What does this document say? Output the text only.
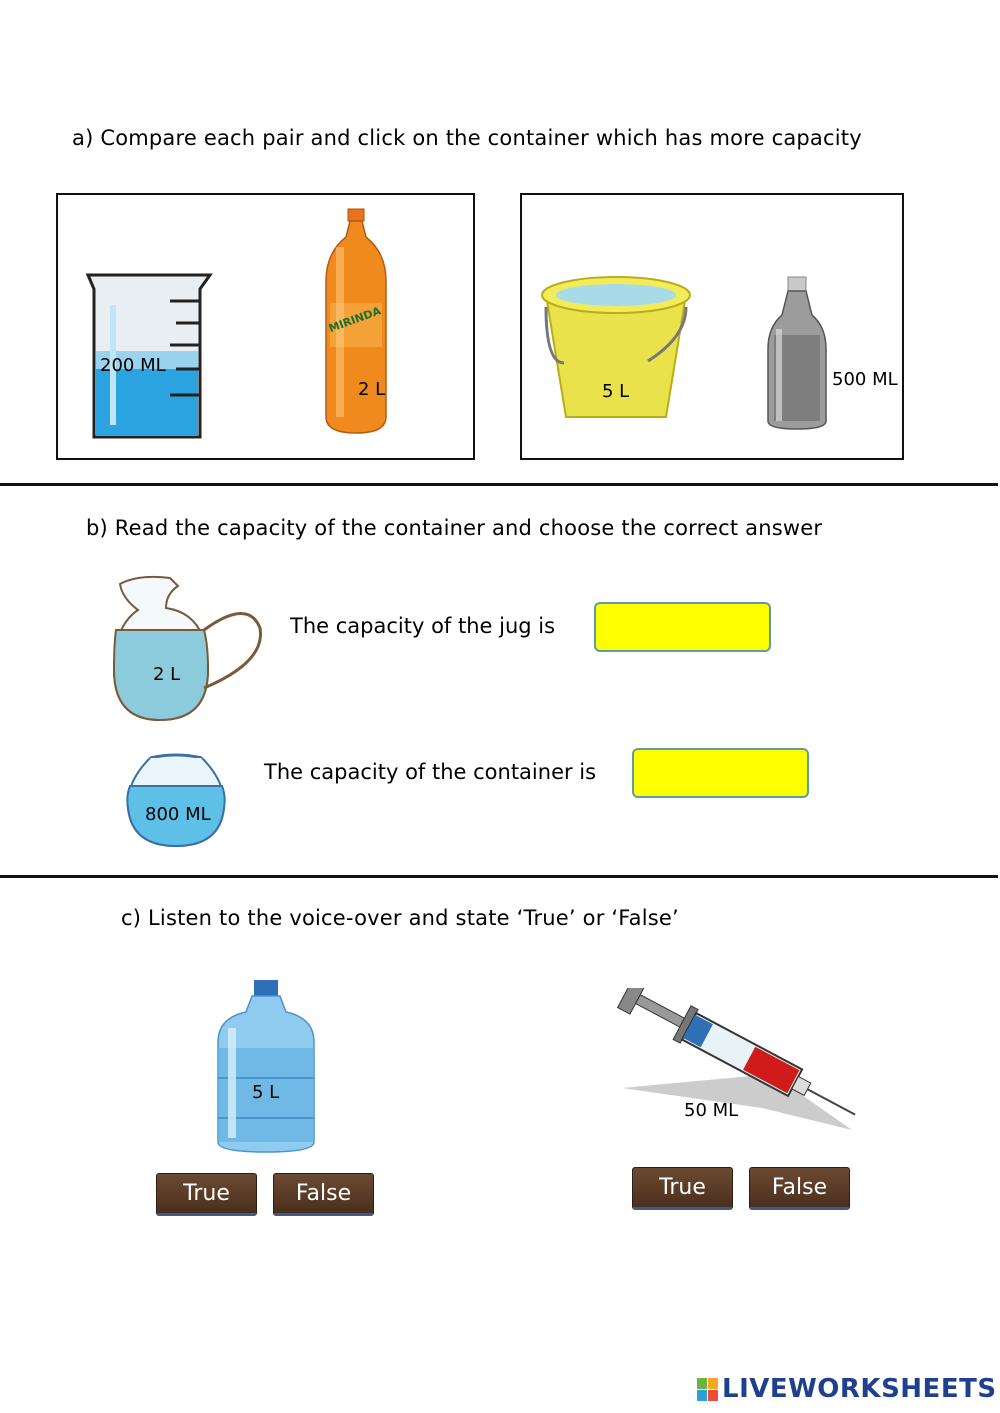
a) Compare each pair and click on the container which has more capacity
200 ML
MIRINDA
2 L	5 L
500 ML
b) Read the capacity of the container and choose the correct answer
2 L
The capacity of the jug is
800 ML
The capacity of the container is
c) Listen to the voice-over and state ‘True’ or ‘False’
5 L
True	False
50 ML
True	False
LIVEWORKSHEETS
